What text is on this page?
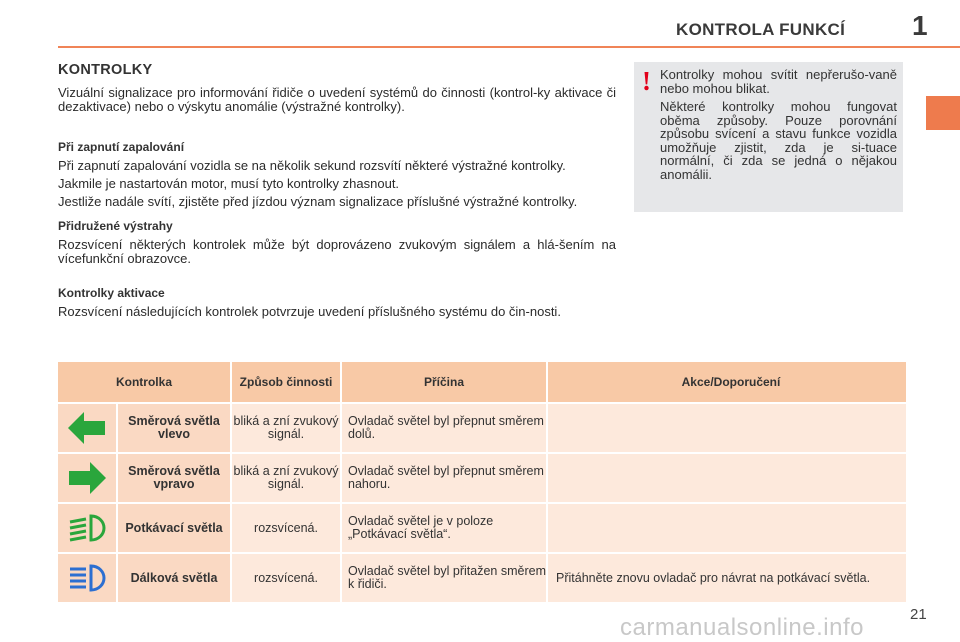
KONTROLA FUNKCÍ 1
KONTROLKY
Vizuální signalizace pro informování řidiče o uvedení systémů do činnosti (kontrol-ky aktivace či dezaktivace) nebo o výskytu anomálie (výstražné kontrolky).
Při zapnutí zapalování
Při zapnutí zapalování vozidla se na několik sekund rozsvítí některé výstražné kontrolky.
Jakmile je nastartován motor, musí tyto kontrolky zhasnout.
Jestliže nadále svítí, zjistěte před jízdou význam signalizace příslušné výstražné kontrolky.
Přidružené výstrahy
Rozsvícení některých kontrolek může být doprovázeno zvukovým signálem a hlá-šením na vícefunkční obrazovce.
Kontrolky aktivace
Rozsvícení následujících kontrolek potvrzuje uvedení příslušného systému do čin-nosti.
! Kontrolky mohou svítit nepřerušo-vaně nebo mohou blikat.

Některé kontrolky mohou fungovat oběma způsoby. Pouze porovnání způsobu svícení a stavu funkce vozidla umožňuje zjistit, zda je si-tuace normální, či zda se jedná o nějakou anomálii.

Kontrolka		Způsob činnosti	Příčina	Akce/Doporučení

	Směrová světla vlevo	bliká a zní zvukový signál.	Ovladač světel byl přepnut směrem dolů.	

	Směrová světla vpravo	bliká a zní zvukový signál.	Ovladač světel byl přepnut směrem nahoru.	

	Potkávací světla	rozsvícená.	Ovladač světel je v poloze „Potkávací světla“.	

	Dálková světla	rozsvícená.	Ovladač světel byl přitažen směrem k řidiči.	Přitáhněte znovu ovladač pro návrat na potkávací světla.
carmanualsonline.info	21
